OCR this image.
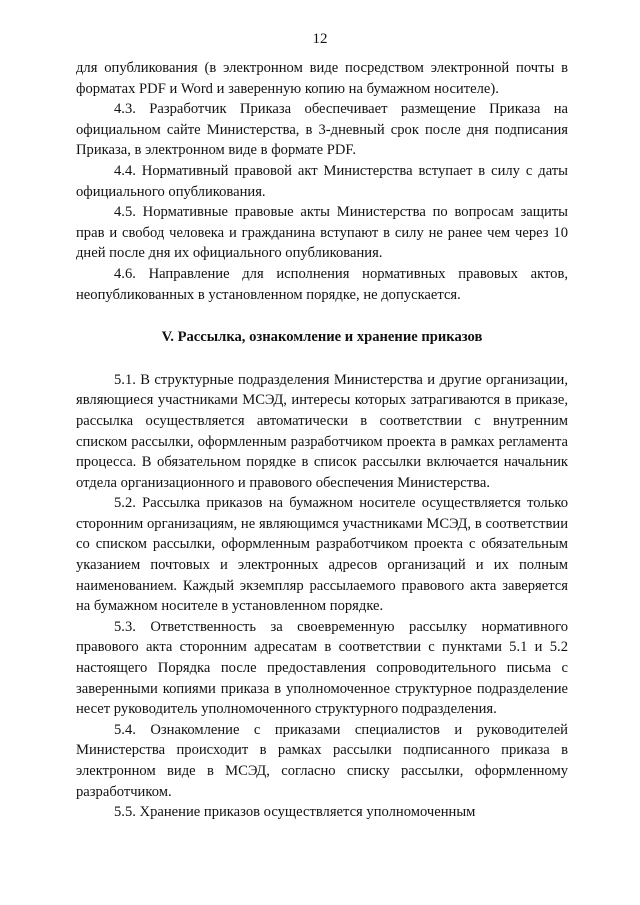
12

для опубликования (в электронном виде посредством электронной почты в форматах PDF и Word и заверенную копию на бумажном носителе).

4.3. Разработчик Приказа обеспечивает размещение Приказа на официальном сайте Министерства, в 3-дневный срок после дня подписания Приказа, в электронном виде в формате PDF.

4.4. Нормативный правовой акт Министерства вступает в силу с даты официального опубликования.

4.5. Нормативные правовые акты Министерства по вопросам защиты прав и свобод человека и гражданина вступают в силу не ранее чем через 10 дней после дня их официального опубликования.

4.6. Направление для исполнения нормативных правовых актов, неопубликованных в установленном порядке, не допускается.

V. Рассылка, ознакомление и хранение приказов

5.1. В структурные подразделения Министерства и другие организации, являющиеся участниками МСЭД, интересы которых затрагиваются в приказе, рассылка осуществляется автоматически в соответствии с внутренним списком рассылки, оформленным разработчиком проекта в рамках регламента процесса. В обязательном порядке в список рассылки включается начальник отдела организационного и правового обеспечения Министерства.

5.2. Рассылка приказов на бумажном носителе осуществляется только сторонним организациям, не являющимся участниками МСЭД, в соответствии со списком рассылки, оформленным разработчиком проекта с обязательным указанием почтовых и электронных адресов организаций и их полным наименованием. Каждый экземпляр рассылаемого правового акта заверяется на бумажном носителе в установленном порядке.

5.3. Ответственность за своевременную рассылку нормативного правового акта сторонним адресатам в соответствии с пунктами 5.1 и 5.2 настоящего Порядка после предоставления сопроводительного письма с заверенными копиями приказа в уполномоченное структурное подразделение несет руководитель уполномоченного структурного подразделения.

5.4. Ознакомление с приказами специалистов и руководителей Министерства происходит в рамках рассылки подписанного приказа в электронном виде в МСЭД, согласно списку рассылки, оформленному разработчиком.

5.5. Хранение приказов осуществляется уполномоченным
